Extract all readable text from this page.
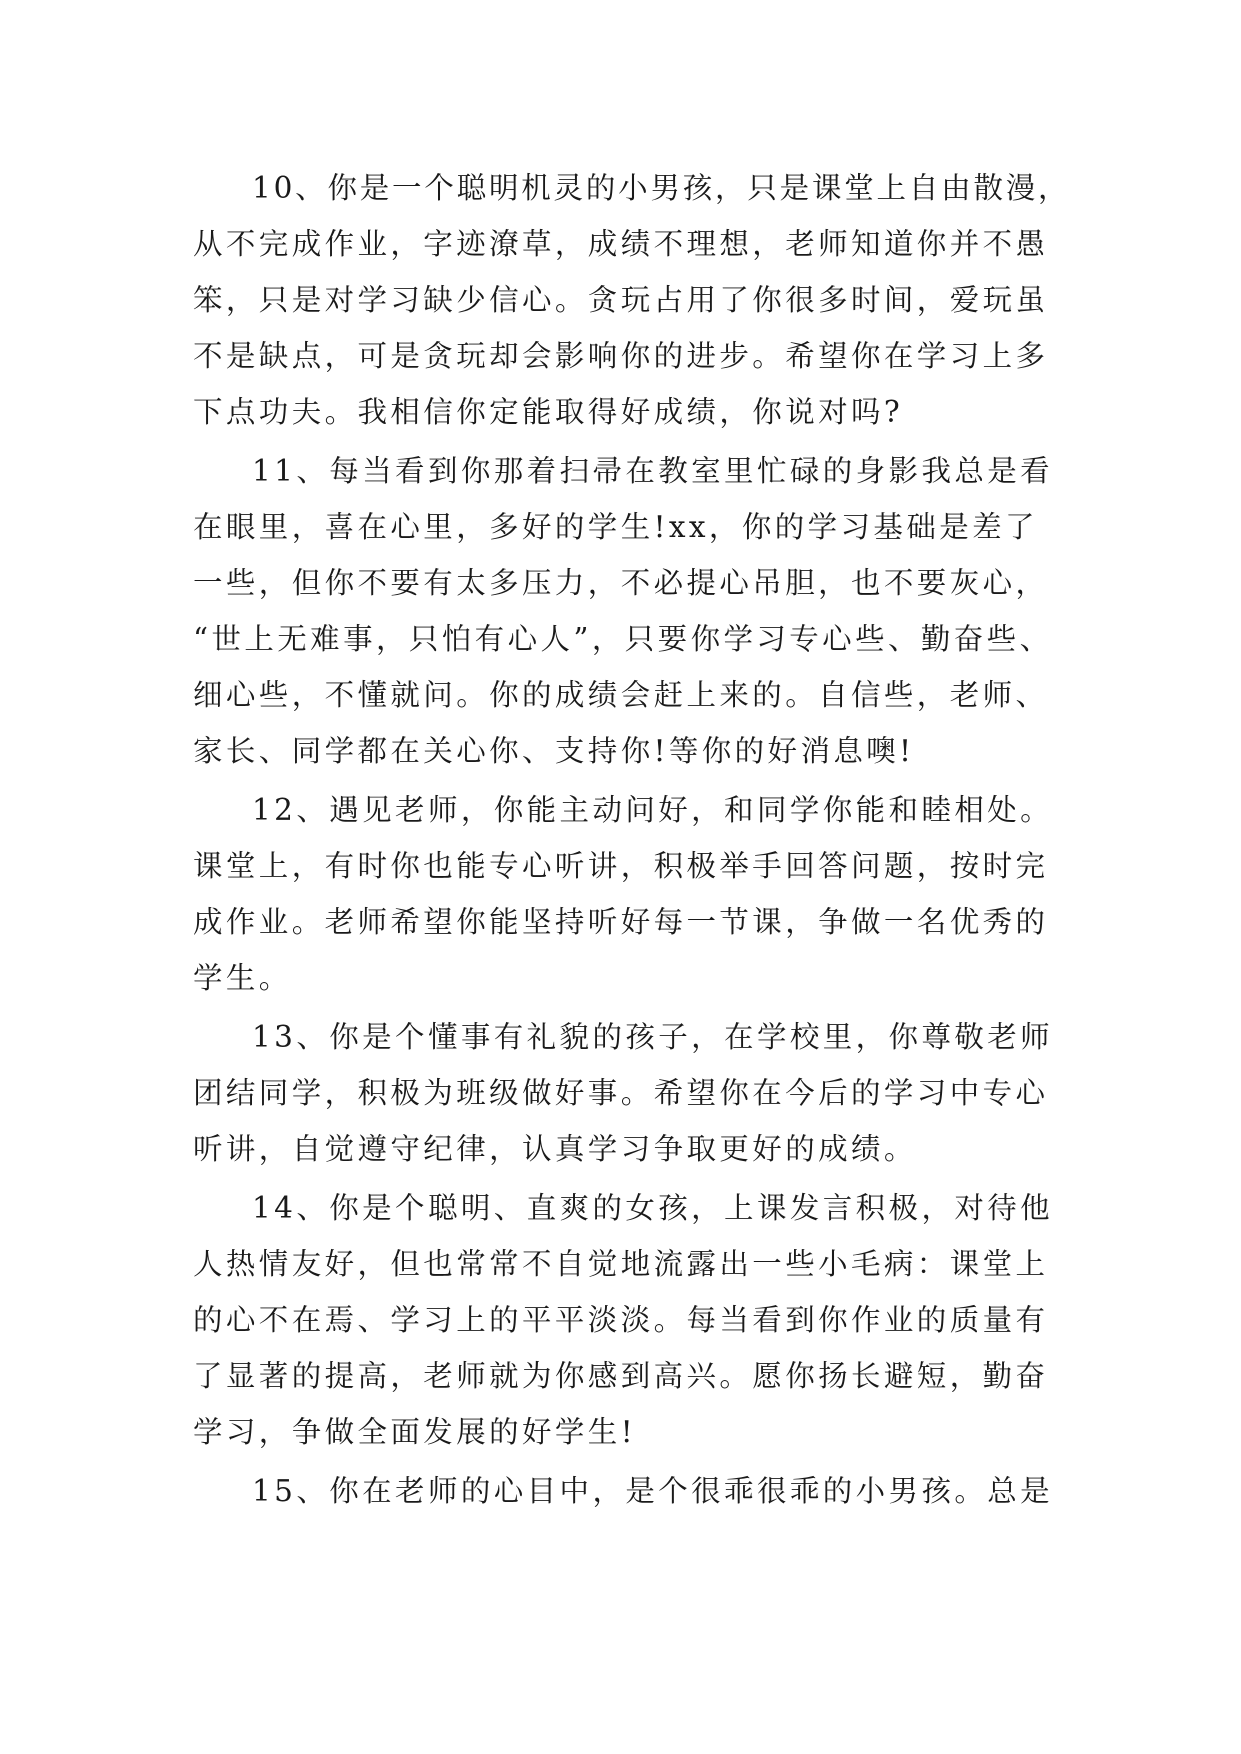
10、你是一个聪明机灵的小男孩，只是课堂上自由散漫，
从不完成作业，字迹潦草，成绩不理想，老师知道你并不愚
笨，只是对学习缺少信心。贪玩占用了你很多时间，爱玩虽
不是缺点，可是贪玩却会影响你的进步。希望你在学习上多
下点功夫。我相信你定能取得好成绩，你说对吗?
11、每当看到你那着扫帚在教室里忙碌的身影我总是看
在眼里，喜在心里，多好的学生!xx，你的学习基础是差了
一些，但你不要有太多压力，不必提心吊胆，也不要灰心，
“世上无难事，只怕有心人”，只要你学习专心些、勤奋些、
细心些，不懂就问。你的成绩会赶上来的。自信些，老师、
家长、同学都在关心你、支持你!等你的好消息噢!
12、遇见老师，你能主动问好，和同学你能和睦相处。
课堂上，有时你也能专心听讲，积极举手回答问题，按时完
成作业。老师希望你能坚持听好每一节课，争做一名优秀的
学生。
13、你是个懂事有礼貌的孩子，在学校里，你尊敬老师
团结同学，积极为班级做好事。希望你在今后的学习中专心
听讲，自觉遵守纪律，认真学习争取更好的成绩。
14、你是个聪明、直爽的女孩，上课发言积极，对待他
人热情友好，但也常常不自觉地流露出一些小毛病：课堂上
的心不在焉、学习上的平平淡淡。每当看到你作业的质量有
了显著的提高，老师就为你感到高兴。愿你扬长避短，勤奋
学习，争做全面发展的好学生!
15、你在老师的心目中，是个很乖很乖的小男孩。总是
